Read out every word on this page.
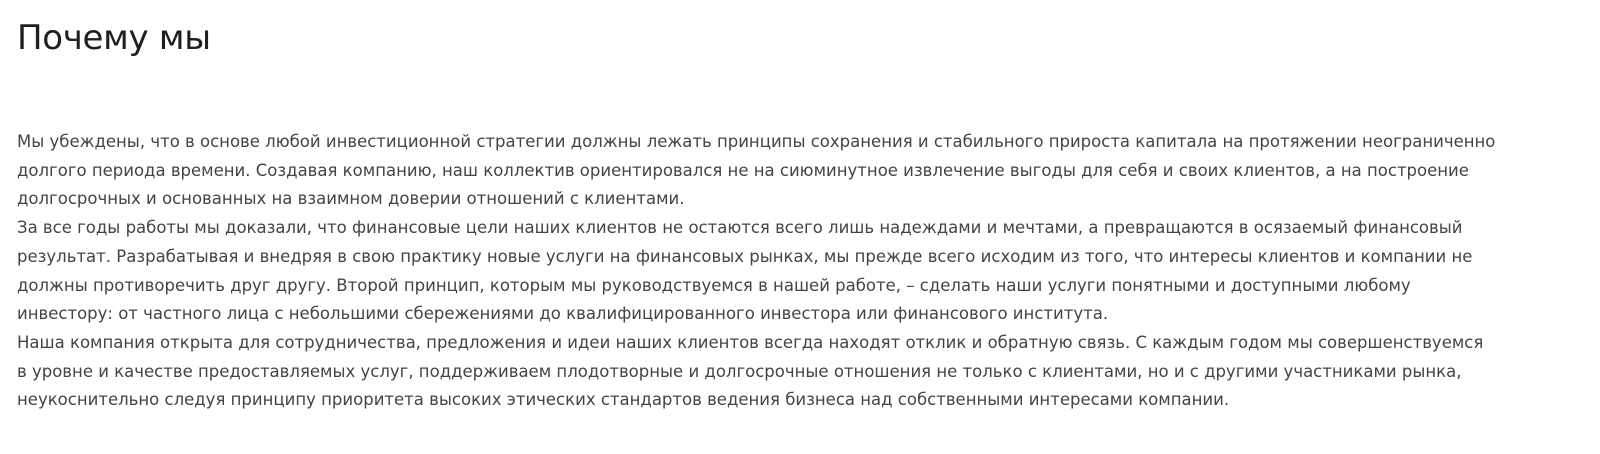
Почему мы

Мы убеждены, что в основе любой инвестиционной стратегии должны лежать принципы сохранения и стабильного прироста капитала на протяжении неограниченно долгого периода времени. Создавая компанию, наш коллектив ориентировался не на сиюминутное извлечение выгоды для себя и своих клиентов, а на построение долгосрочных и основанных на взаимном доверии отношений с клиентами.

За все годы работы мы доказали, что финансовые цели наших клиентов не остаются всего лишь надеждами и мечтами, а превращаются в осязаемый финансовый результат. Разрабатывая и внедряя в свою практику новые услуги на финансовых рынках, мы прежде всего исходим из того, что интересы клиентов и компании не должны противоречить друг другу. Второй принцип, которым мы руководствуемся в нашей работе, – сделать наши услуги понятными и доступными любому инвестору: от частного лица с небольшими сбережениями до квалифицированного инвестора или финансового института.

Наша компания открыта для сотрудничества, предложения и идеи наших клиентов всегда находят отклик и обратную связь. С каждым годом мы совершенствуемся в уровне и качестве предоставляемых услуг, поддерживаем плодотворные и долгосрочные отношения не только с клиентами, но и с другими участниками рынка, неукоснительно следуя принципу приоритета высоких этических стандартов ведения бизнеса над собственными интересами компании.
